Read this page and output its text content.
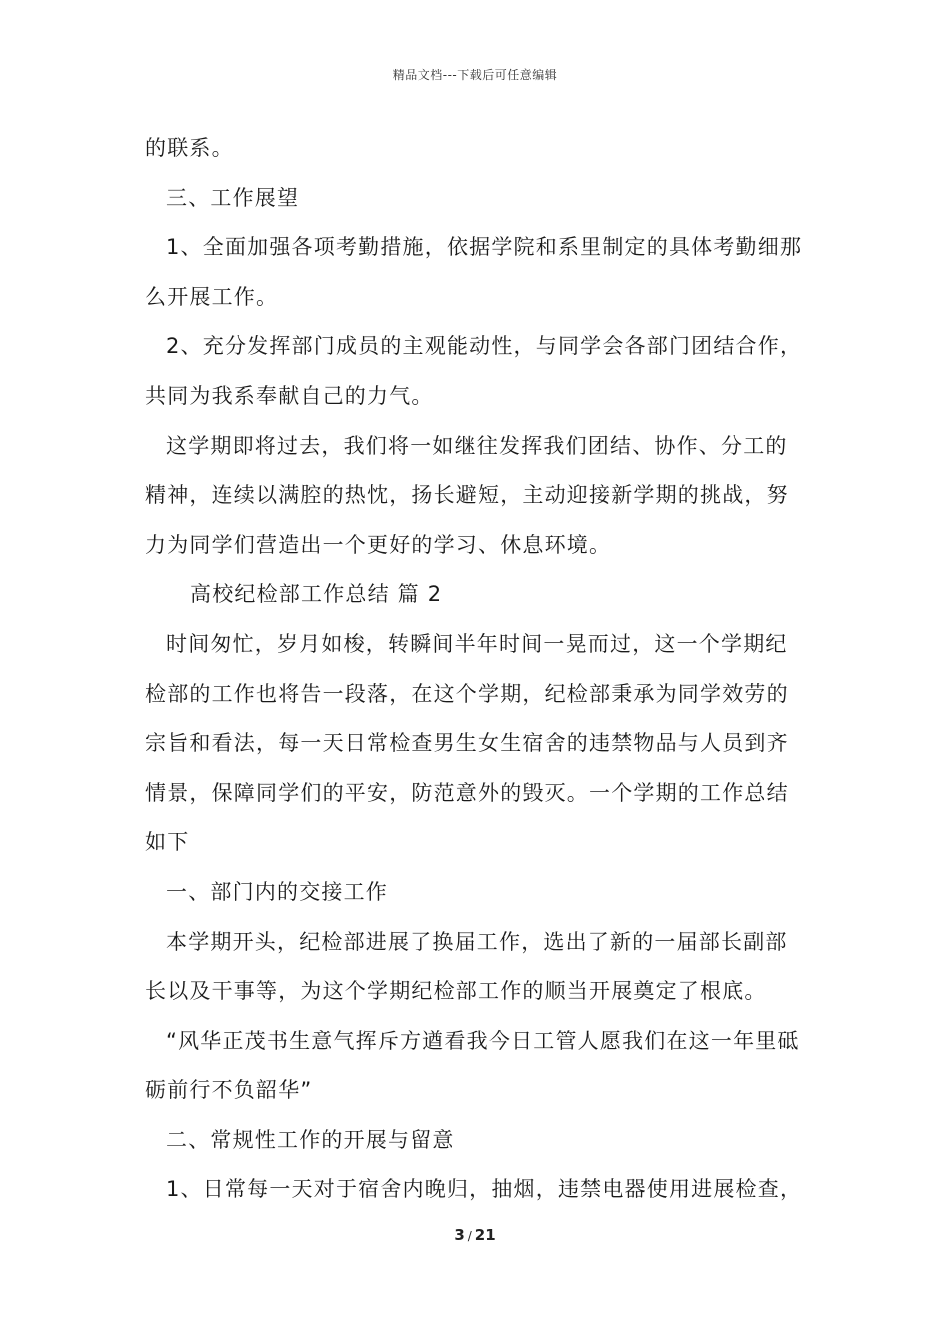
精品文档---下载后可任意编辑
的联系。
三、工作展望
1、全面加强各项考勤措施，依据学院和系里制定的具体考勤细那
么开展工作。
2、充分发挥部门成员的主观能动性，与同学会各部门团结合作，
共同为我系奉献自己的力气。
这学期即将过去，我们将一如继往发挥我们团结、协作、分工的
精神，连续以满腔的热忱，扬长避短，主动迎接新学期的挑战，努
力为同学们营造出一个更好的学习、休息环境。
高校纪检部工作总结 篇 2
时间匆忙，岁月如梭，转瞬间半年时间一晃而过，这一个学期纪
检部的工作也将告一段落，在这个学期，纪检部秉承为同学效劳的
宗旨和看法，每一天日常检查男生女生宿舍的违禁物品与人员到齐
情景，保障同学们的平安，防范意外的毁灭。一个学期的工作总结
如下
一、部门内的交接工作
本学期开头，纪检部进展了换届工作，选出了新的一届部长副部
长以及干事等，为这个学期纪检部工作的顺当开展奠定了根底。
“风华正茂书生意气挥斥方遒看我今日工管人愿我们在这一年里砥
砺前行不负韶华”
二、常规性工作的开展与留意
1、日常每一天对于宿舍内晚归，抽烟，违禁电器使用进展检查，
3 / 21
